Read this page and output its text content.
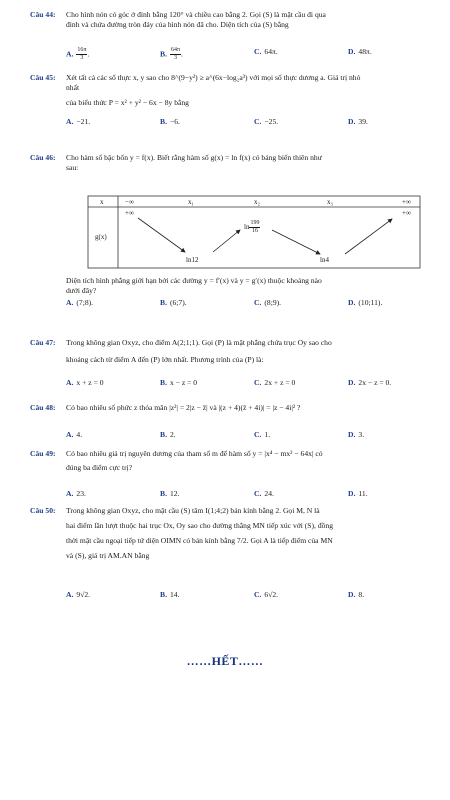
Câu 44: Cho hình nón có góc ở đỉnh bằng 120° và chiều cao bằng 2. Gọi (S) là mặt cầu đi qua
đỉnh và chứa đường tròn đáy của hình nón đã cho. Diện tích của (S) bằng
A. $\frac{16\pi}{3}$ .	B. $\frac{64\pi}{3}$ .	C. 64π.	D. 48π.
Câu 45: Xét tất cả các số thực x, y sao cho 8^(9−y²) ≥ a^(6x−log₂a³) với mọi số thực dương a. Giá trị nhỏ
nhất
của biểu thức P = x² + y² − 6x − 8y bằng
A. −21.	B. −6.	C. −25.	D. 39.
Câu 46: Cho hàm số bậc bốn y = f(x). Biết rằng hàm số g(x) = ln f(x) có bảng biến thiên như
sau:
x	−∞	x₁	x₂	x₃	+∞
g(x)
+∞	+∞
$\ln \frac{199}{16}$
ln12	ln4
Diện tích hình phẳng giới hạn bởi các đường y = f′(x) và y = g′(x) thuộc khoảng nào
dưới đây?
A. (7;8).	B. (6;7).	C. (8;9).	D. (10;11).
Câu 47: Trong không gian Oxyz, cho điểm A(2;1;1). Gọi (P) là mặt phẳng chứa trục Oy sao cho
khoảng cách từ điểm A đến (P) lớn nhất. Phương trình của (P) là:
A. x + z = 0	B. x − z = 0	C. 2x + z = 0	D. 2x − z = 0.
Câu 48: Có bao nhiêu số phức z thỏa mãn |z²| = 2|z − z̄| và |(z + 4)(z̄ + 4i)| = |z − 4i|² ?
A. 4.	B. 2.	C. 1.	D. 3.
Câu 49: Có bao nhiêu giá trị nguyên dương của tham số m để hàm số y = |x⁴ − mx² − 64x| có
đúng ba điểm cực trị?
A. 23.	B. 12.	C. 24.	D. 11.
Câu 50: Trong không gian Oxyz, cho mặt cầu (S) tâm I(1;4;2) bán kính bằng 2. Gọi M, N là
hai điểm lần lượt thuộc hai trục Ox, Oy sao cho đường thẳng MN tiếp xúc với (S), đồng
thời mặt cầu ngoại tiếp tứ diện OIMN có bán kính bằng 7/2. Gọi A là tiếp điểm của MN
và (S), giá trị AM.AN bằng
A. 9√2.	B. 14.	C. 6√2.	D. 8.
……HẾT……
